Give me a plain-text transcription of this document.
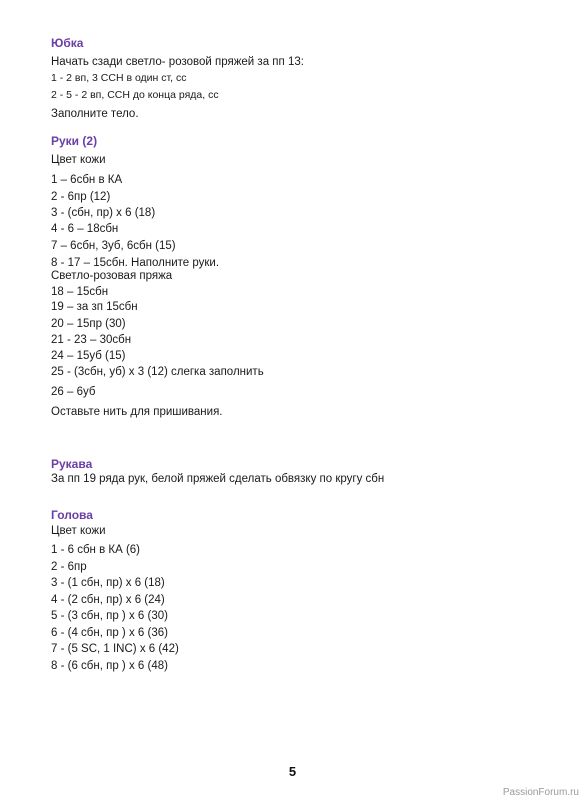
Юбка
Начать сзади светло- розовой пряжей за пп 13:
1 - 2 вп, 3 ССН в один ст, сс
2 - 5 - 2 вп, ССН до конца ряда, сс
Заполните тело.
Руки (2)
Цвет кожи
1 – 6сбн в КА
2 - 6пр (12)
3 - (сбн, пр) х 6 (18)
4 - 6 – 18сбн
7 – 6сбн, 3уб, 6сбн (15)
8 - 17 – 15сбн. Наполните руки.
Светло-розовая пряжа
18 – 15сбн
19 – за зп 15сбн
20 – 15пр (30)
21 - 23 – 30сбн
24 – 15уб (15)
25 - (3сбн, уб) х 3 (12) слегка заполнить
26 – 6уб
Оставьте нить для пришивания.
Рукава
За пп 19 ряда рук, белой пряжей сделать обвязку по кругу сбн
Голова
Цвет кожи
1 - 6 сбн в КА (6)
2 - 6пр
3 - (1 сбн, пр) х 6 (18)
4 - (2 сбн, пр) х 6 (24)
5 - (3 сбн, пр ) х 6 (30)
6 - (4 сбн, пр ) х 6 (36)
7 - (5 SC, 1 INC) х 6 (42)
8 - (6 сбн, пр ) х 6 (48)
5
PassionForum.ru
